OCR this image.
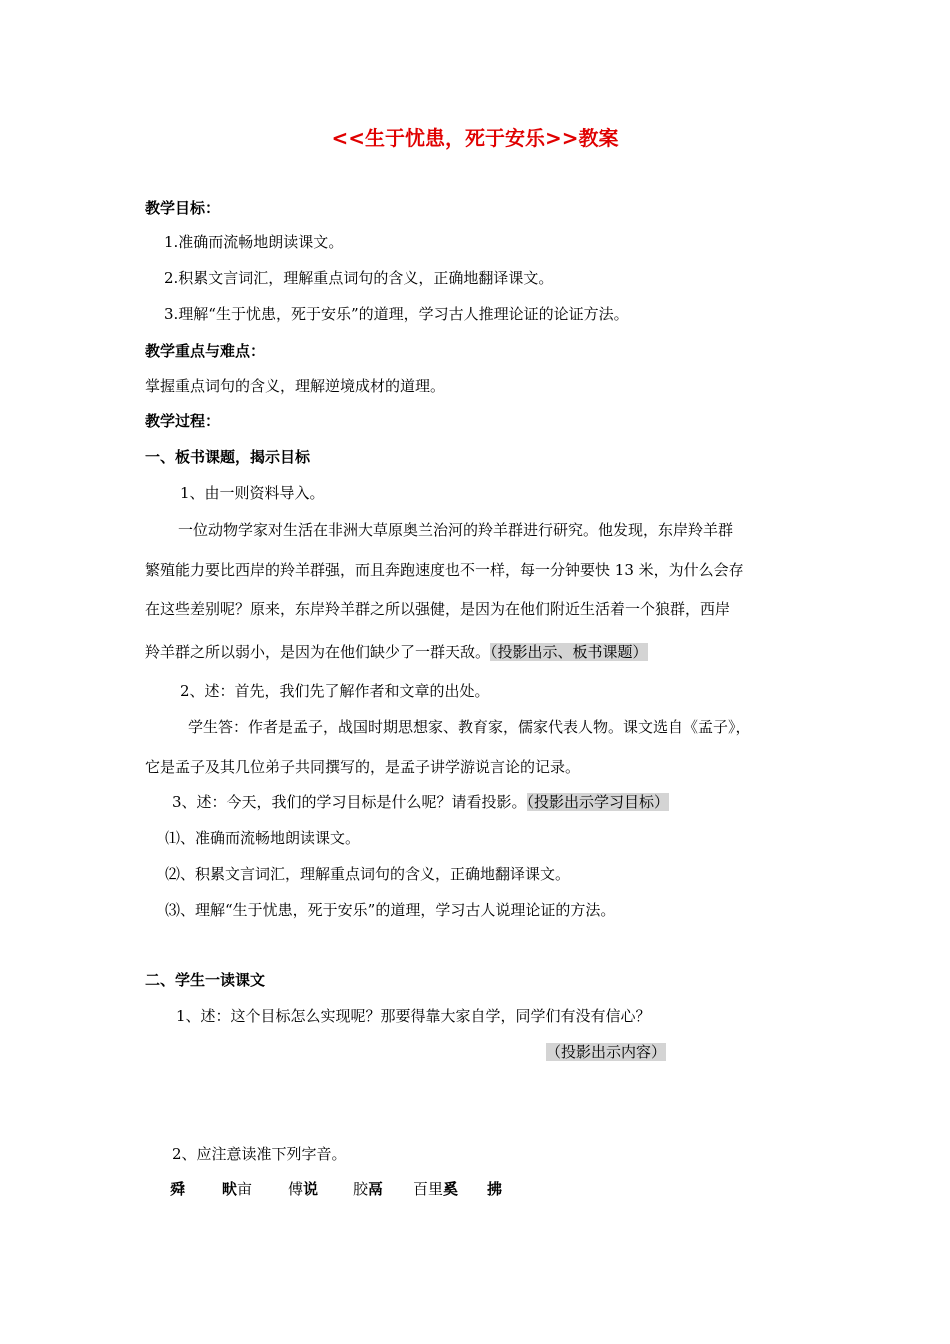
<<生于忧患，死于安乐>>教案
教学目标：
1.准确而流畅地朗读课文。
2.积累文言词汇，理解重点词句的含义，正确地翻译课文。
3.理解“生于忧患，死于安乐”的道理，学习古人推理论证的论证方法。
教学重点与难点：
掌握重点词句的含义，理解逆境成材的道理。
教学过程：
一、板书课题，揭示目标
1、由一则资料导入。
一位动物学家对生活在非洲大草原奥兰治河的羚羊群进行研究。他发现，东岸羚羊群
繁殖能力要比西岸的羚羊群强，而且奔跑速度也不一样，每一分钟要快 13 米，为什么会存
在这些差别呢？原来，东岸羚羊群之所以强健，是因为在他们附近生活着一个狼群，西岸
羚羊群之所以弱小，是因为在他们缺少了一群天敌。（投影出示、板书课题）
2、述：首先，我们先了解作者和文章的出处。
学生答：作者是孟子，战国时期思想家、教育家，儒家代表人物。课文选自《孟子》，
它是孟子及其几位弟子共同撰写的，是孟子讲学游说言论的记录。
3、述：今天，我们的学习目标是什么呢？请看投影。（投影出示学习目标）
⑴、准确而流畅地朗读课文。
⑵、积累文言词汇，理解重点词句的含义，正确地翻译课文。
⑶、理解“生于忧患，死于安乐”的道理，学习古人说理论证的方法。
二、学生一读课文
1、述：这个目标怎么实现呢？那要得靠大家自学，同学们有没有信心？
（投影出示内容）
2、应注意读准下列字音。
舜 畎亩 傅说 胶鬲 百里奚 拂
